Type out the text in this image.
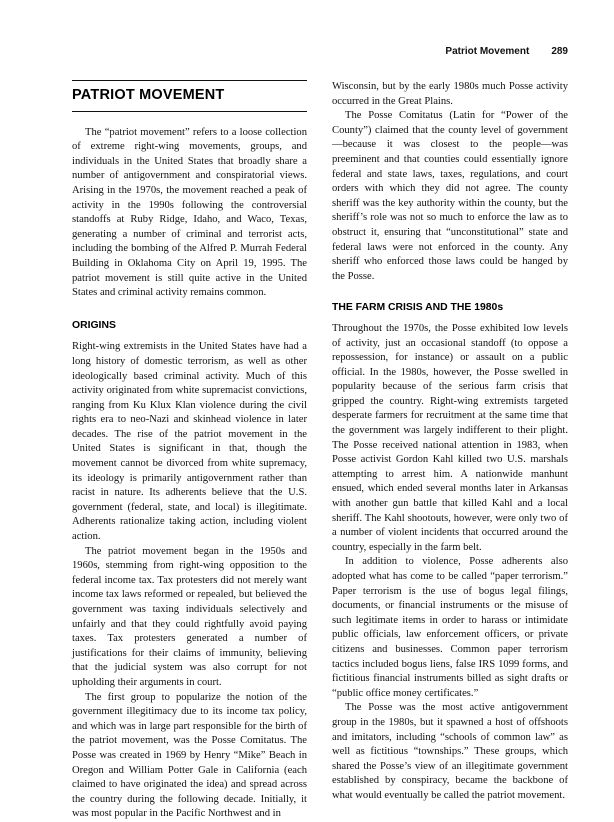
Patriot Movement 289
PATRIOT MOVEMENT

The “patriot movement” refers to a loose collection of extreme right-wing movements, groups, and individuals in the United States that broadly share a number of antigovernment and conspiratorial views. Arising in the 1970s, the movement reached a peak of activity in the 1990s following the controversial standoffs at Ruby Ridge, Idaho, and Waco, Texas, generating a number of criminal and terrorist acts, including the bombing of the Alfred P. Murrah Federal Building in Oklahoma City on April 19, 1995. The patriot movement is still quite active in the United States and criminal activity remains common.

ORIGINS

Right-wing extremists in the United States have had a long history of domestic terrorism, as well as other ideologically based criminal activity. Much of this activity originated from white supremacist convictions, ranging from Ku Klux Klan violence during the civil rights era to neo-Nazi and skinhead violence in later decades. The rise of the patriot movement in the United States is significant in that, though the movement cannot be divorced from white supremacy, its ideology is primarily antigovernment rather than racist in nature. Its adherents believe that the U.S. government (federal, state, and local) is illegitimate. Adherents rationalize taking action, including violent action.

The patriot movement began in the 1950s and 1960s, stemming from right-wing opposition to the federal income tax. Tax protesters did not merely want income tax laws reformed or repealed, but believed the government was taxing individuals selectively and unfairly and that they could rightfully avoid paying taxes. Tax protesters generated a number of justifications for their claims of immunity, believing that the judicial system was also corrupt for not upholding their arguments in court.

The first group to popularize the notion of the government illegitimacy due to its income tax policy, and which was in large part responsible for the birth of the patriot movement, was the Posse Comitatus. The Posse was created in 1969 by Henry “Mike” Beach in Oregon and William Potter Gale in California (each claimed to have originated the idea) and spread across the country during the following decade. Initially, it was most popular in the Pacific Northwest and in

Wisconsin, but by the early 1980s much Posse activity occurred in the Great Plains.

The Posse Comitatus (Latin for “Power of the County”) claimed that the county level of government—because it was closest to the people—was preeminent and that counties could essentially ignore federal and state laws, taxes, regulations, and court orders with which they did not agree. The county sheriff was the key authority within the county, but the sheriff’s role was not so much to enforce the law as to obstruct it, ensuring that “unconstitutional” state and federal laws were not enforced in the county. Any sheriff who enforced those laws could be hanged by the Posse.

THE FARM CRISIS AND THE 1980s

Throughout the 1970s, the Posse exhibited low levels of activity, just an occasional standoff (to oppose a repossession, for instance) or assault on a public official. In the 1980s, however, the Posse swelled in popularity because of the serious farm crisis that gripped the country. Right-wing extremists targeted desperate farmers for recruitment at the same time that the government was largely indifferent to their plight. The Posse received national attention in 1983, when Posse activist Gordon Kahl killed two U.S. marshals attempting to arrest him. A nationwide manhunt ensued, which ended several months later in Arkansas with another gun battle that killed Kahl and a local sheriff. The Kahl shootouts, however, were only two of a number of violent incidents that occurred around the country, especially in the farm belt.

In addition to violence, Posse adherents also adopted what has come to be called “paper terrorism.” Paper terrorism is the use of bogus legal filings, documents, or financial instruments or the misuse of such legitimate items in order to harass or intimidate public officials, law enforcement officers, or private citizens and businesses. Common paper terrorism tactics included bogus liens, false IRS 1099 forms, and fictitious financial instruments billed as sight drafts or “public office money certificates.”

The Posse was the most active antigovernment group in the 1980s, but it spawned a host of offshoots and imitators, including “schools of common law” as well as fictitious “townships.” These groups, which shared the Posse’s view of an illegitimate government established by conspiracy, became the backbone of what would eventually be called the patriot movement.
